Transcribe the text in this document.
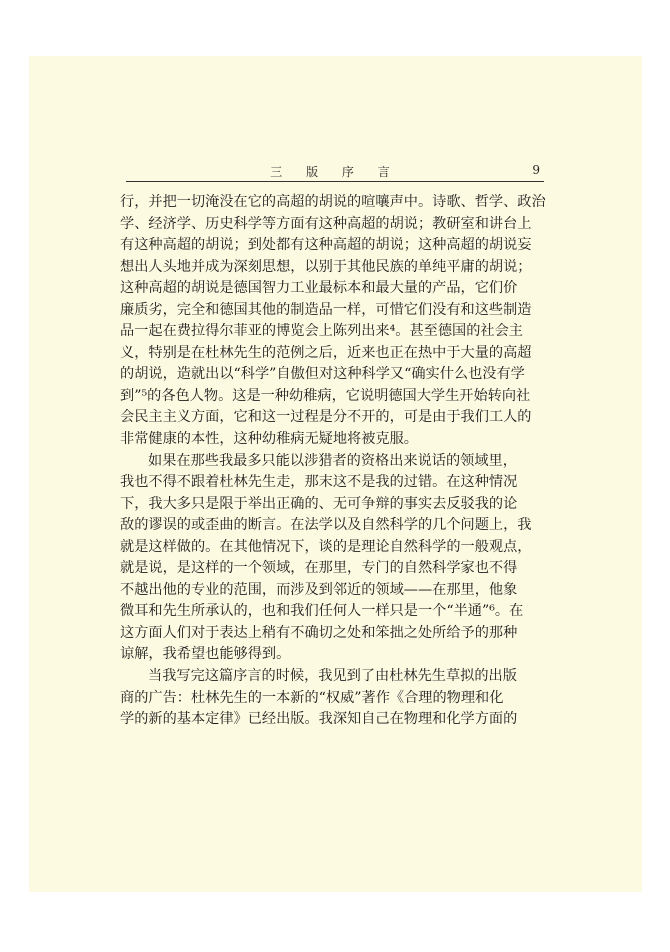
三 版 序 言	9
行，并把一切淹没在它的高超的胡说的喧嚷声中。诗歌、哲学、政治
学、经济学、历史科学等方面有这种高超的胡说；教研室和讲台上
有这种高超的胡说；到处都有这种高超的胡说；这种高超的胡说妄
想出人头地并成为深刻思想，以别于其他民族的单纯平庸的胡说；
这种高超的胡说是德国智力工业最标本和最大量的产品，它们价
廉质劣，完全和德国其他的制造品一样，可惜它们没有和这些制造
品一起在费拉得尔菲亚的博览会上陈列出来⁴。甚至德国的社会主
义，特别是在杜林先生的范例之后，近来也正在热中于大量的高超
的胡说，造就出以“科学”自傲但对这种科学又“确实什么也没有学
到”⁵的各色人物。这是一种幼稚病，它说明德国大学生开始转向社
会民主主义方面，它和这一过程是分不开的，可是由于我们工人的
非常健康的本性，这种幼稚病无疑地将被克服。
如果在那些我最多只能以涉猎者的资格出来说话的领域里，
我也不得不跟着杜林先生走，那末这不是我的过错。在这种情况
下，我大多只是限于举出正确的、无可争辩的事实去反驳我的论
敌的谬误的或歪曲的断言。在法学以及自然科学的几个问题上，我
就是这样做的。在其他情况下，谈的是理论自然科学的一般观点，
就是说，是这样的一个领域，在那里，专门的自然科学家也不得
不越出他的专业的范围，而涉及到邻近的领域——在那里，他象
微耳和先生所承认的，也和我们任何人一样只是一个“半通”⁶。在
这方面人们对于表达上稍有不确切之处和笨拙之处所给予的那种
谅解，我希望也能够得到。
当我写完这篇序言的时候，我见到了由杜林先生草拟的出版
商的广告：杜林先生的一本新的“权威”著作《合理的物理和化
学的新的基本定律》已经出版。我深知自己在物理和化学方面的
